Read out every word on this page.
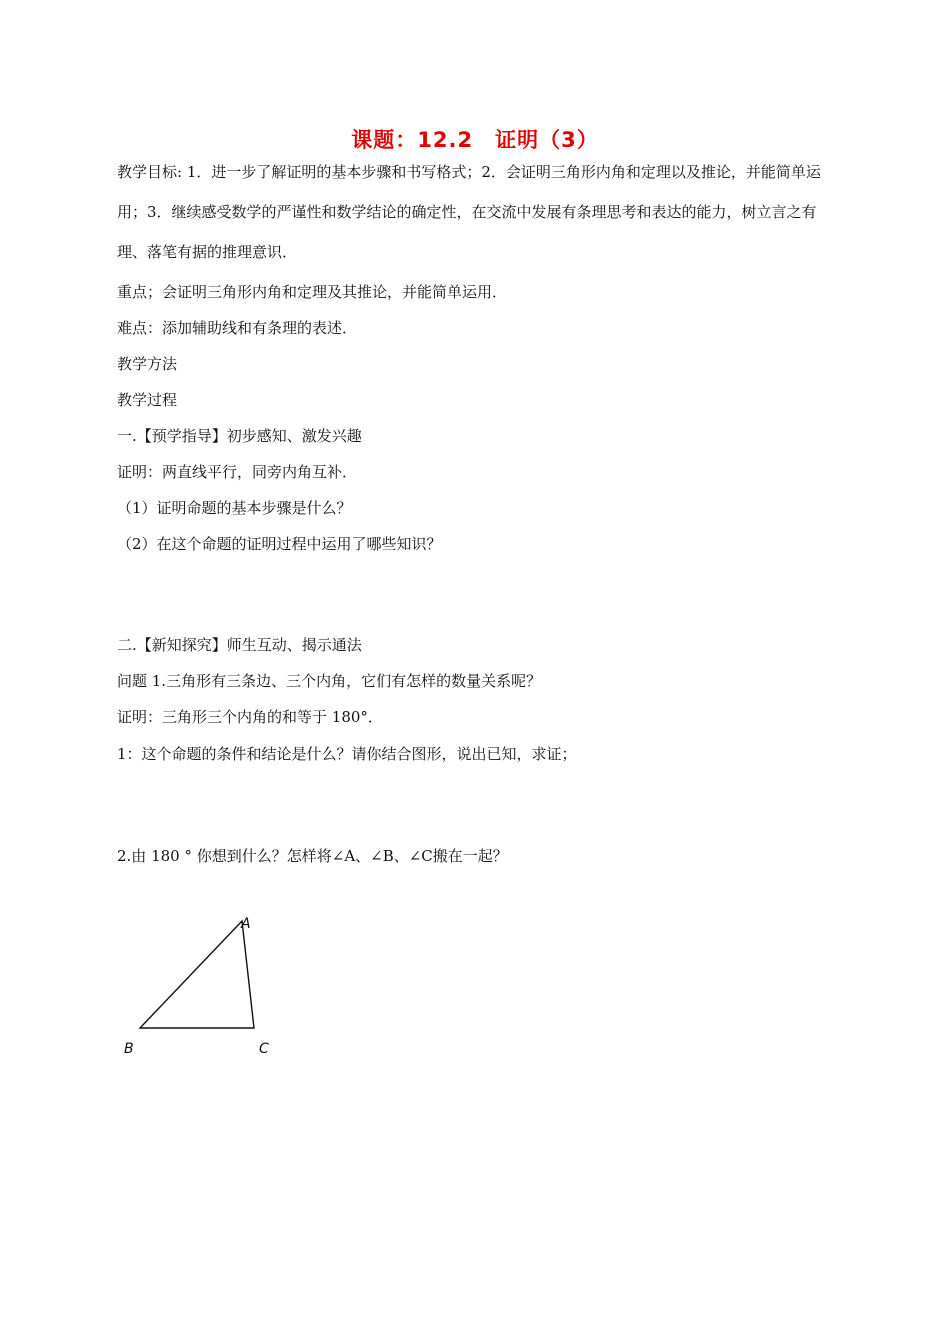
课题：12.2　证明（3）
教学目标: 1．进一步了解证明的基本步骤和书写格式；2．会证明三角形内角和定理以及推论，并能简单运用；3．继续感受数学的严谨性和数学结论的确定性，在交流中发展有条理思考和表达的能力，树立言之有理、落笔有据的推理意识．
重点；会证明三角形内角和定理及其推论，并能简单运用．
难点：添加辅助线和有条理的表述．
教学方法
教学过程
一.【预学指导】初步感知、激发兴趣
证明：两直线平行，同旁内角互补．
（1）证明命题的基本步骤是什么？
（2）在这个命题的证明过程中运用了哪些知识？
二.【新知探究】师生互动、揭示通法
问题 1.三角形有三条边、三个内角，它们有怎样的数量关系呢？
证明：三角形三个内角的和等于 180°．
1：这个命题的条件和结论是什么？请你结合图形，说出已知，求证；
2.由 180 ° 你想到什么？怎样将∠A、∠B、∠C搬在一起？
A
B	C
